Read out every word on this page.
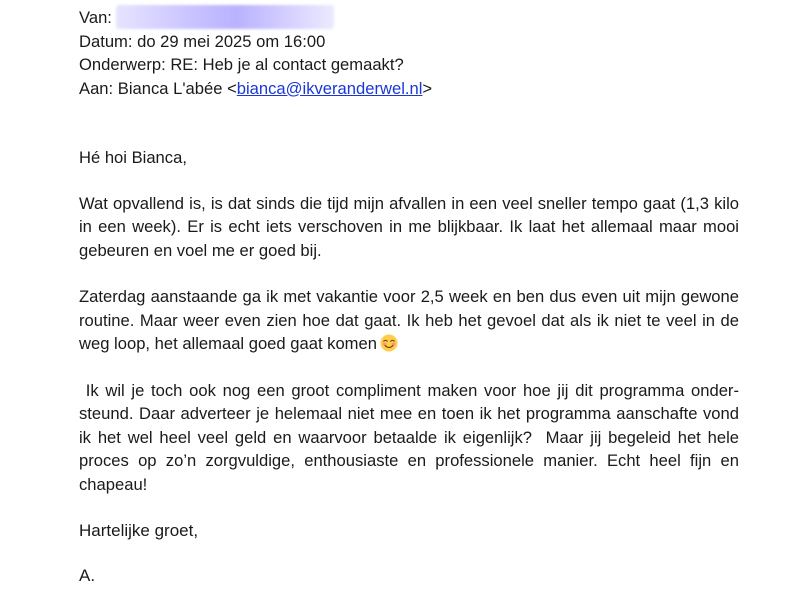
Van:

Datum: do 29 mei 2025 om 16:00

Onderwerp: RE: Heb je al contact gemaakt?

Aan: Bianca L'abée <bianca@ikveranderwel.nl>

Hé hoi Bianca,

Wat opvallend is, is dat sinds die tijd mijn afvallen in een veel sneller tempo gaat (1,3 kilo in een week). Er is echt iets verschoven in me blijkbaar. Ik laat het allemaal maar mooi gebeuren en voel me er goed bij.

Zaterdag aanstaande ga ik met vakantie voor 2,5 week en ben dus even uit mijn gewone routine. Maar weer even zien hoe dat gaat. Ik heb het gevoel dat als ik niet te veel in de weg loop, het allemaal goed gaat komen

Ik wil je toch ook nog een groot compliment maken voor hoe jij dit programma onder-steund. Daar adverteer je helemaal niet mee en toen ik het programma aanschafte vond ik het wel heel veel geld en waarvoor betaalde ik eigenlijk?  Maar jij begeleid het hele proces op zo’n zorgvuldige, enthousiaste en professionele manier. Echt heel fijn en chapeau!

Hartelijke groet,

A.
